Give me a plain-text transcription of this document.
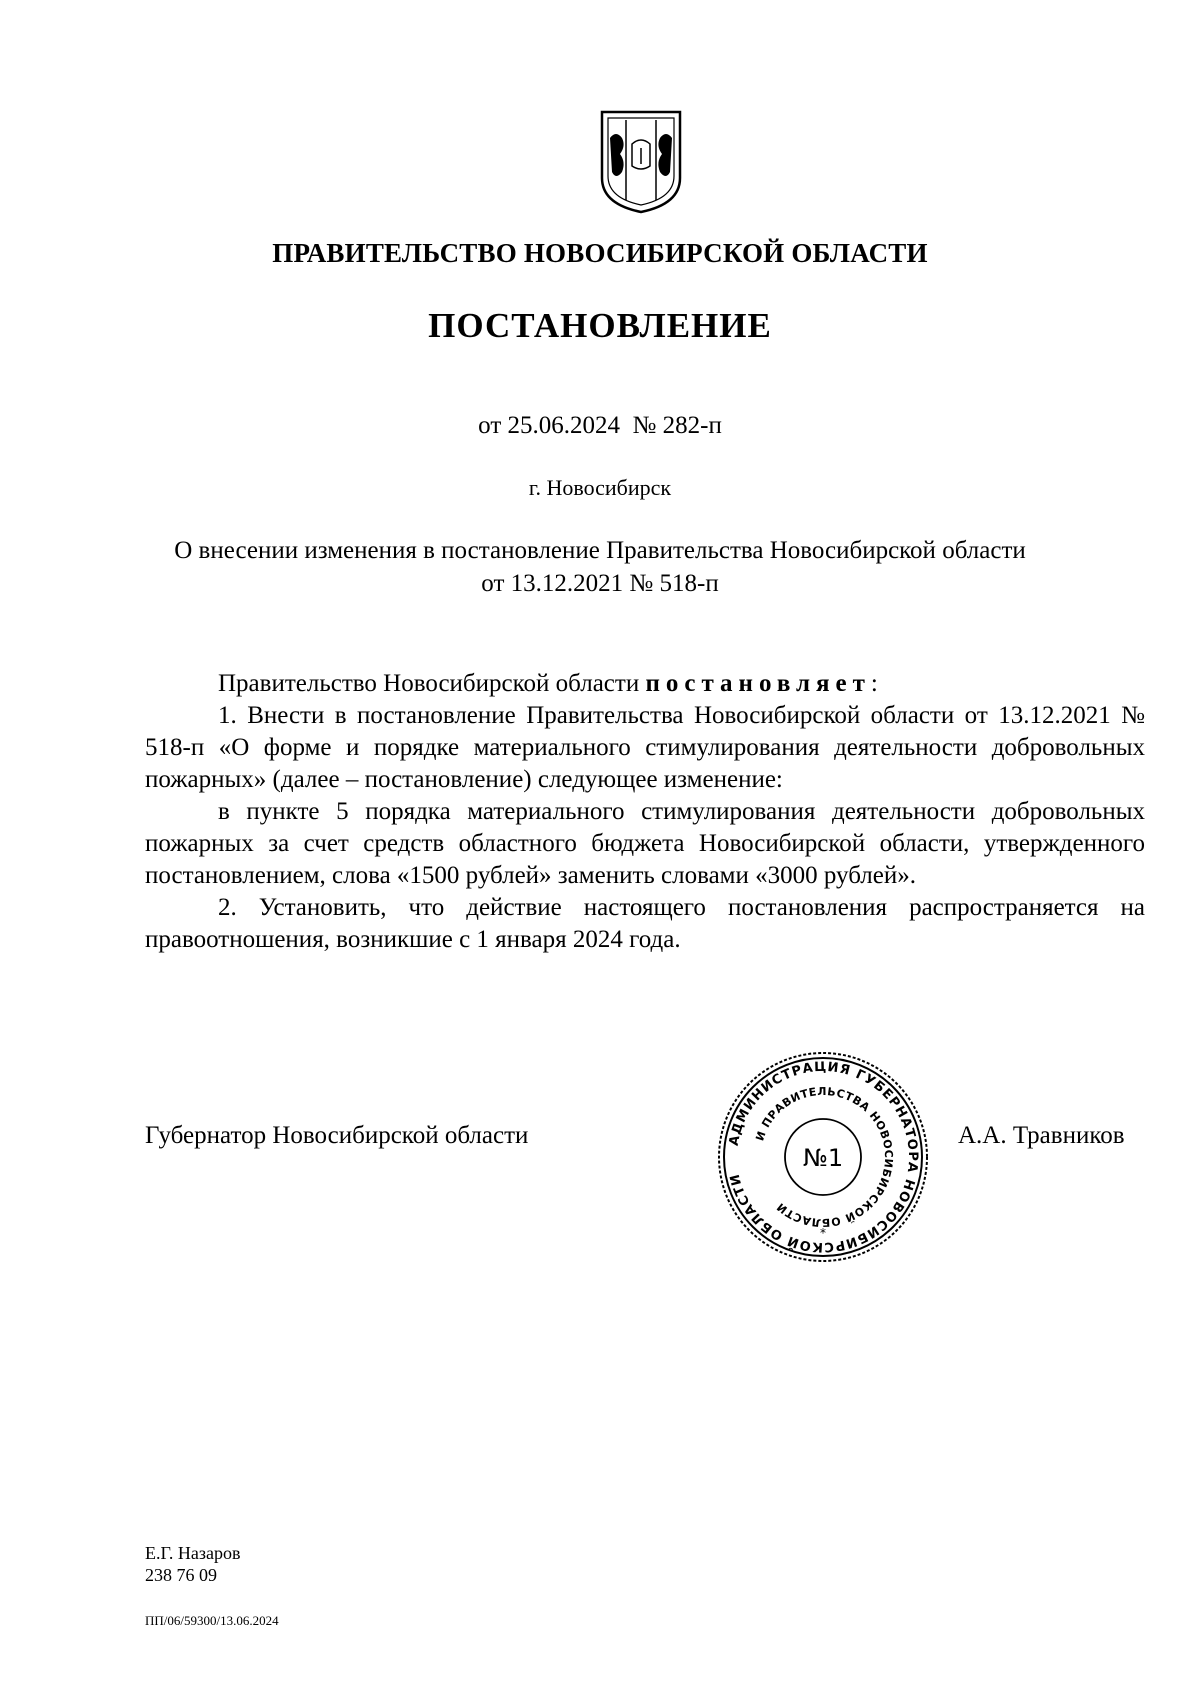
ПРАВИТЕЛЬСТВО НОВОСИБИРСКОЙ ОБЛАСТИ
ПОСТАНОВЛЕНИЕ
от 25.06.2024  № 282-п
г. Новосибирск
О внесении изменения в постановление Правительства Новосибирской области
от 13.12.2021 № 518-п

Правительство Новосибирской области постановляет:

1. Внести в постановление Правительства Новосибирской области от 13.12.2021 № 518-п «О форме и порядке материального стимулирования деятельности добровольных пожарных» (далее – постановление) следующее изменение:

в пункте 5 порядка материального стимулирования деятельности добровольных пожарных за счет средств областного бюджета Новосибирской области, утвержденного постановлением, слова «1500 рублей» заменить словами «3000 рублей».

2. Установить, что действие настоящего постановления распространяется на правоотношения, возникшие с 1 января 2024 года.

Губернатор Новосибирской области	А.А. Травников
АДМИНИСТРАЦИЯ ГУБЕРНАТОРА НОВОСИБИРСКОЙ ОБЛАСТИ
И ПРАВИТЕЛЬСТВА НОВОСИБИРСКОЙ ОБЛАСТИ
№1
*
Е.Г. Назаров
238 76 09
ПП/06/59300/13.06.2024
